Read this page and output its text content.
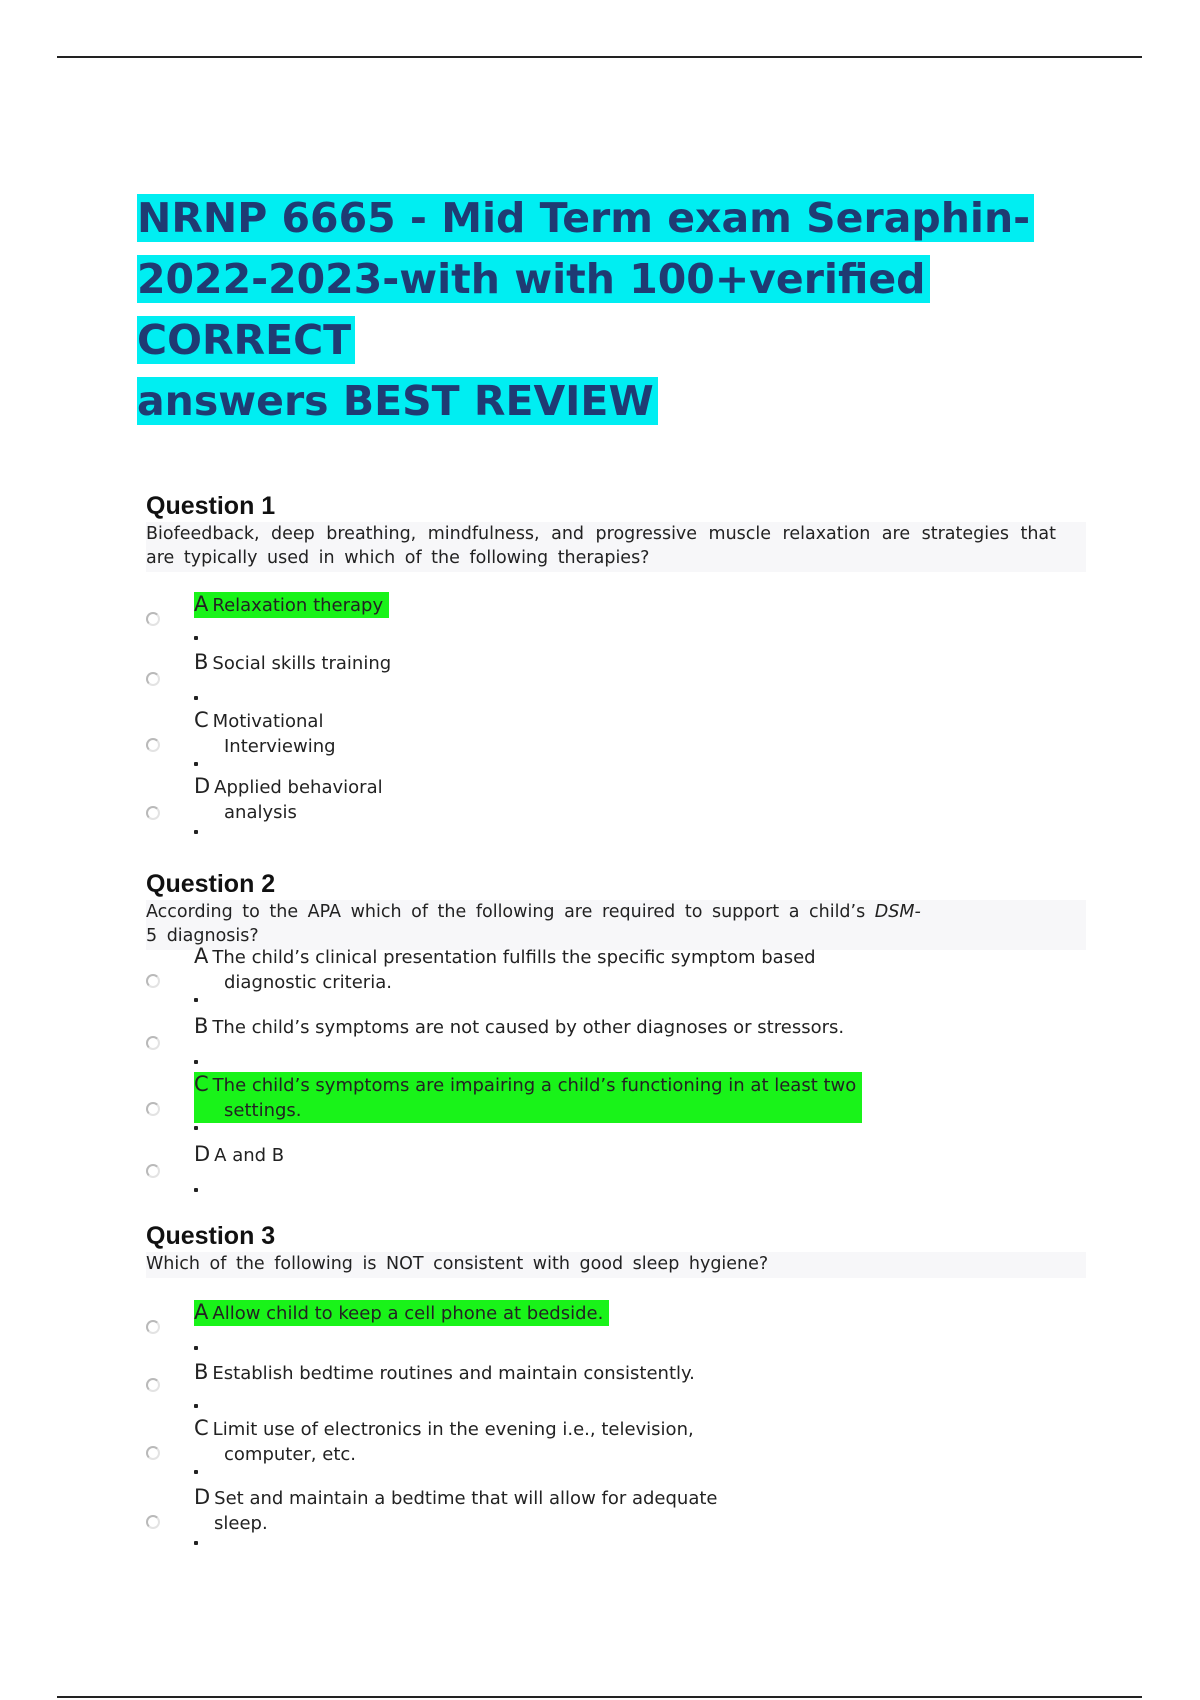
NRNP 6665 - Mid Term exam Seraphin-
2022-2023-with with 100+verified CORRECT
answers BEST REVIEW
Question 1

Biofeedback, deep breathing, mindfulness, and progressive muscle relaxation are strategies that are typically used in which of the following therapies?

A Relaxation therapy
B Social skills training
C Motivational
Interviewing
D Applied behavioral
analysis
Question 2

According to the APA which of the following are required to support a child’s DSM-
5 diagnosis?

A The child’s clinical presentation fulfills the specific symptom based
diagnostic criteria.
B The child’s symptoms are not caused by other diagnoses or stressors.
C The child’s symptoms are impairing a child’s functioning in at least two
settings.
D A and B
Question 3

Which of the following is NOT consistent with good sleep hygiene?

A Allow child to keep a cell phone at bedside.
B Establish bedtime routines and maintain consistently.
C Limit use of electronics in the evening i.e., television,
computer, etc.
D Set and maintain a bedtime that will allow for adequate
sleep.
